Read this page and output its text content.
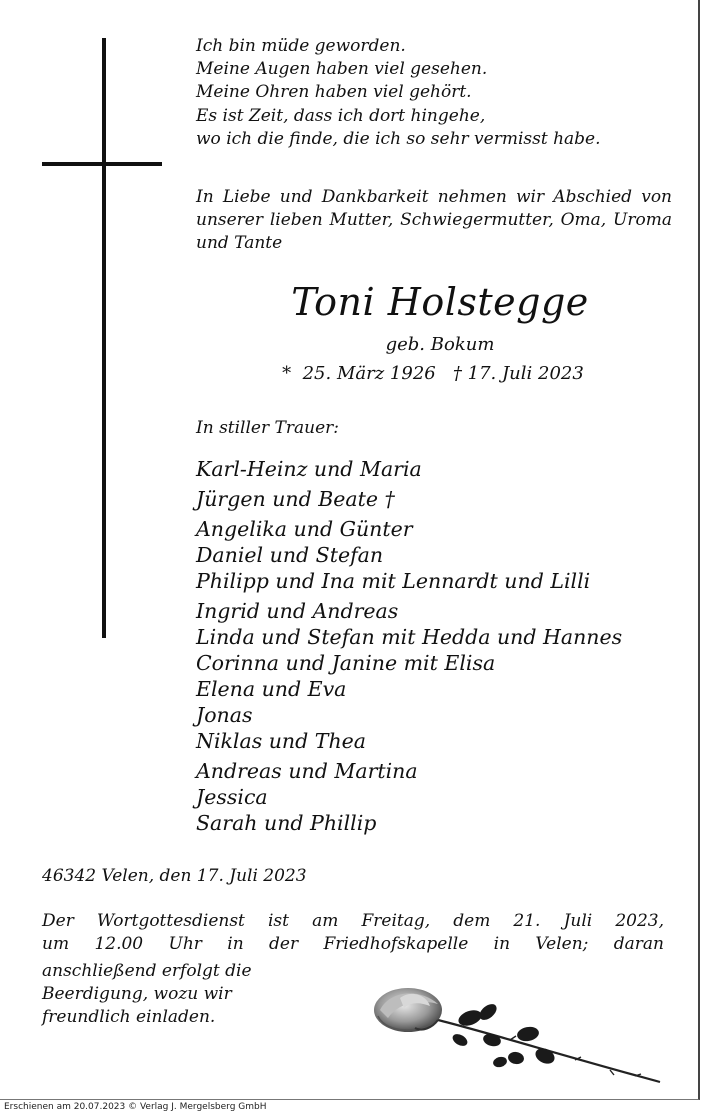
Ich bin müde geworden.
Meine Augen haben viel gesehen.
Meine Ohren haben viel gehört.
Es ist Zeit, dass ich dort hingehe,
wo ich die finde, die ich so sehr vermisst habe.
In Liebe und Dankbarkeit nehmen wir Abschied von unserer lieben Mutter, Schwiegermutter, Oma, Uroma und Tante
Toni Holstegge
geb. Bokum
*  25. März 1926   † 17. Juli 2023
In stiller Trauer:
Karl-Heinz und Maria
Jürgen und Beate †
Angelika und Günter
Daniel und Stefan
Philipp und Ina mit Lennardt und Lilli
Ingrid und Andreas
Linda und Stefan mit Hedda und Hannes
Corinna und Janine mit Elisa
Elena und Eva
Jonas
Niklas und Thea
Andreas und Martina
Jessica
Sarah und Phillip
46342 Velen, den 17. Juli 2023
Der Wortgottesdienst ist am Freitag, dem 21. Juli 2023,
um 12.00 Uhr in der Friedhofskapelle in Velen; daran
anschließend erfolgt die
Beerdigung, wozu wir
freundlich einladen.
Erschienen am 20.07.2023 © Verlag J. Mergelsberg GmbH
